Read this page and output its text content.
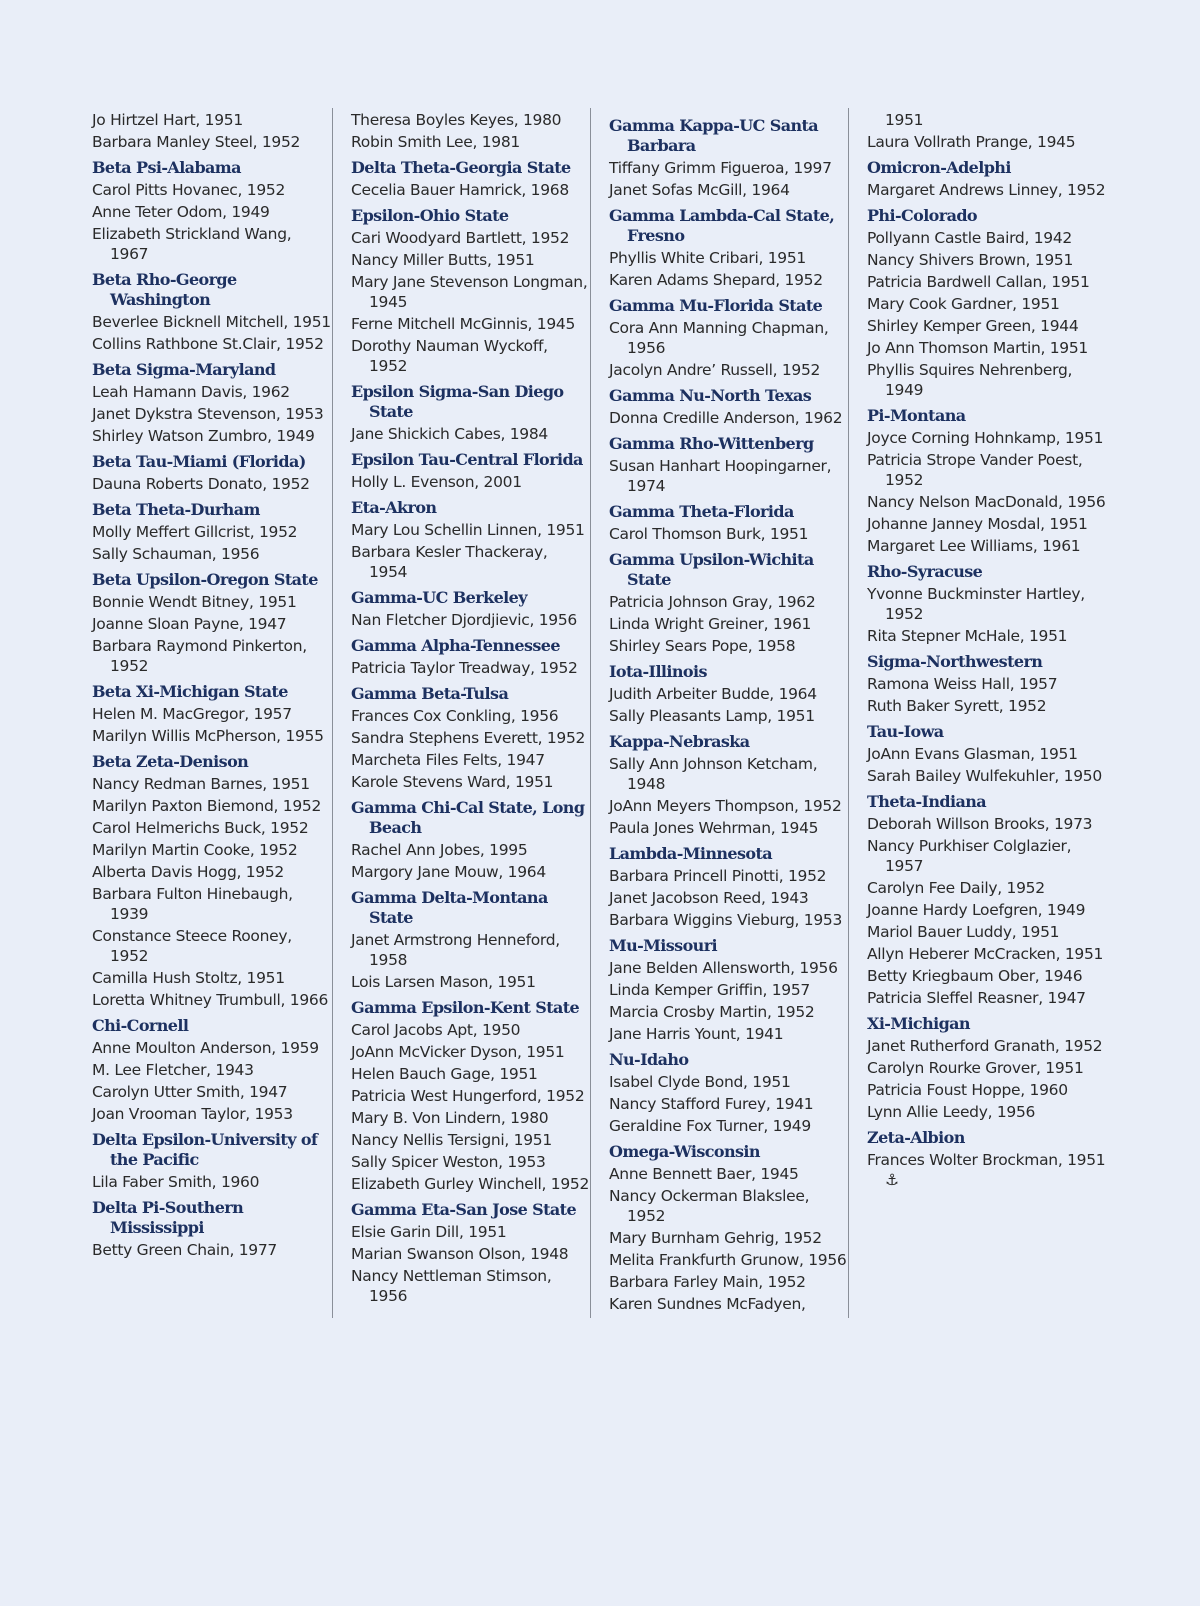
Jo Hirtzel Hart, 1951
Barbara Manley Steel, 1952
Beta Psi-Alabama
Carol Pitts Hovanec, 1952
Anne Teter Odom, 1949
Elizabeth Strickland Wang, 1967
Beta Rho-George Washington
Beverlee Bicknell Mitchell, 1951
Collins Rathbone St.Clair, 1952
Beta Sigma-Maryland
Leah Hamann Davis, 1962
Janet Dykstra Stevenson, 1953
Shirley Watson Zumbro, 1949
Beta Tau-Miami (Florida)
Dauna Roberts Donato, 1952
Beta Theta-Durham
Molly Meffert Gillcrist, 1952
Sally Schauman, 1956
Beta Upsilon-Oregon State
Bonnie Wendt Bitney, 1951
Joanne Sloan Payne, 1947
Barbara Raymond Pinkerton, 1952
Beta Xi-Michigan State
Helen M. MacGregor, 1957
Marilyn Willis McPherson, 1955
Beta Zeta-Denison
Nancy Redman Barnes, 1951
Marilyn Paxton Biemond, 1952
Carol Helmerichs Buck, 1952
Marilyn Martin Cooke, 1952
Alberta Davis Hogg, 1952
Barbara Fulton Hinebaugh, 1939
Constance Steece Rooney, 1952
Camilla Hush Stoltz, 1951
Loretta Whitney Trumbull, 1966
Chi-Cornell
Anne Moulton Anderson, 1959
M. Lee Fletcher, 1943
Carolyn Utter Smith, 1947
Joan Vrooman Taylor, 1953
Delta Epsilon-University of the Pacific
Lila Faber Smith, 1960
Delta Pi-Southern Mississippi
Betty Green Chain, 1977
Theresa Boyles Keyes, 1980
Robin Smith Lee, 1981
Delta Theta-Georgia State
Cecelia Bauer Hamrick, 1968
Epsilon-Ohio State
Cari Woodyard Bartlett, 1952
Nancy Miller Butts, 1951
Mary Jane Stevenson Longman, 1945
Ferne Mitchell McGinnis, 1945
Dorothy Nauman Wyckoff, 1952
Epsilon Sigma-San Diego State
Jane Shickich Cabes, 1984
Epsilon Tau-Central Florida
Holly L. Evenson, 2001
Eta-Akron
Mary Lou Schellin Linnen, 1951
Barbara Kesler Thackeray, 1954
Gamma-UC Berkeley
Nan Fletcher Djordjievic, 1956
Gamma Alpha-Tennessee
Patricia Taylor Treadway, 1952
Gamma Beta-Tulsa
Frances Cox Conkling, 1956
Sandra Stephens Everett, 1952
Marcheta Files Felts, 1947
Karole Stevens Ward, 1951
Gamma Chi-Cal State, Long Beach
Rachel Ann Jobes, 1995
Margory Jane Mouw, 1964
Gamma Delta-Montana State
Janet Armstrong Henneford, 1958
Lois Larsen Mason, 1951
Gamma Epsilon-Kent State
Carol Jacobs Apt, 1950
JoAnn McVicker Dyson, 1951
Helen Bauch Gage, 1951
Patricia West Hungerford, 1952
Mary B. Von Lindern, 1980
Nancy Nellis Tersigni, 1951
Sally Spicer Weston, 1953
Elizabeth Gurley Winchell, 1952
Gamma Eta-San Jose State
Elsie Garin Dill, 1951
Marian Swanson Olson, 1948
Nancy Nettleman Stimson, 1956
Gamma Kappa-UC Santa Barbara
Tiffany Grimm Figueroa, 1997
Janet Sofas McGill, 1964
Gamma Lambda-Cal State, Fresno
Phyllis White Cribari, 1951
Karen Adams Shepard, 1952
Gamma Mu-Florida State
Cora Ann Manning Chapman, 1956
Jacolyn Andre’ Russell, 1952
Gamma Nu-North Texas
Donna Credille Anderson, 1962
Gamma Rho-Wittenberg
Susan Hanhart Hoopingarner, 1974
Gamma Theta-Florida
Carol Thomson Burk, 1951
Gamma Upsilon-Wichita State
Patricia Johnson Gray, 1962
Linda Wright Greiner, 1961
Shirley Sears Pope, 1958
Iota-Illinois
Judith Arbeiter Budde, 1964
Sally Pleasants Lamp, 1951
Kappa-Nebraska
Sally Ann Johnson Ketcham, 1948
JoAnn Meyers Thompson, 1952
Paula Jones Wehrman, 1945
Lambda-Minnesota
Barbara Princell Pinotti, 1952
Janet Jacobson Reed, 1943
Barbara Wiggins Vieburg, 1953
Mu-Missouri
Jane Belden Allensworth, 1956
Linda Kemper Griffin, 1957
Marcia Crosby Martin, 1952
Jane Harris Yount, 1941
Nu-Idaho
Isabel Clyde Bond, 1951
Nancy Stafford Furey, 1941
Geraldine Fox Turner, 1949
Omega-Wisconsin
Anne Bennett Baer, 1945
Nancy Ockerman Blakslee, 1952
Mary Burnham Gehrig, 1952
Melita Frankfurth Grunow, 1956
Barbara Farley Main, 1952
Karen Sundnes McFadyen,
1951
Laura Vollrath Prange, 1945
Omicron-Adelphi
Margaret Andrews Linney, 1952
Phi-Colorado
Pollyann Castle Baird, 1942
Nancy Shivers Brown, 1951
Patricia Bardwell Callan, 1951
Mary Cook Gardner, 1951
Shirley Kemper Green, 1944
Jo Ann Thomson Martin, 1951
Phyllis Squires Nehrenberg, 1949
Pi-Montana
Joyce Corning Hohnkamp, 1951
Patricia Strope Vander Poest, 1952
Nancy Nelson MacDonald, 1956
Johanne Janney Mosdal, 1951
Margaret Lee Williams, 1961
Rho-Syracuse
Yvonne Buckminster Hartley, 1952
Rita Stepner McHale, 1951
Sigma-Northwestern
Ramona Weiss Hall, 1957
Ruth Baker Syrett, 1952
Tau-Iowa
JoAnn Evans Glasman, 1951
Sarah Bailey Wulfekuhler, 1950
Theta-Indiana
Deborah Willson Brooks, 1973
Nancy Purkhiser Colglazier, 1957
Carolyn Fee Daily, 1952
Joanne Hardy Loefgren, 1949
Mariol Bauer Luddy, 1951
Allyn Heberer McCracken, 1951
Betty Kriegbaum Ober, 1946
Patricia Sleffel Reasner, 1947
Xi-Michigan
Janet Rutherford Granath, 1952
Carolyn Rourke Grover, 1951
Patricia Foust Hoppe, 1960
Lynn Allie Leedy, 1956
Zeta-Albion
Frances Wolter Brockman, 1951 ⚓
